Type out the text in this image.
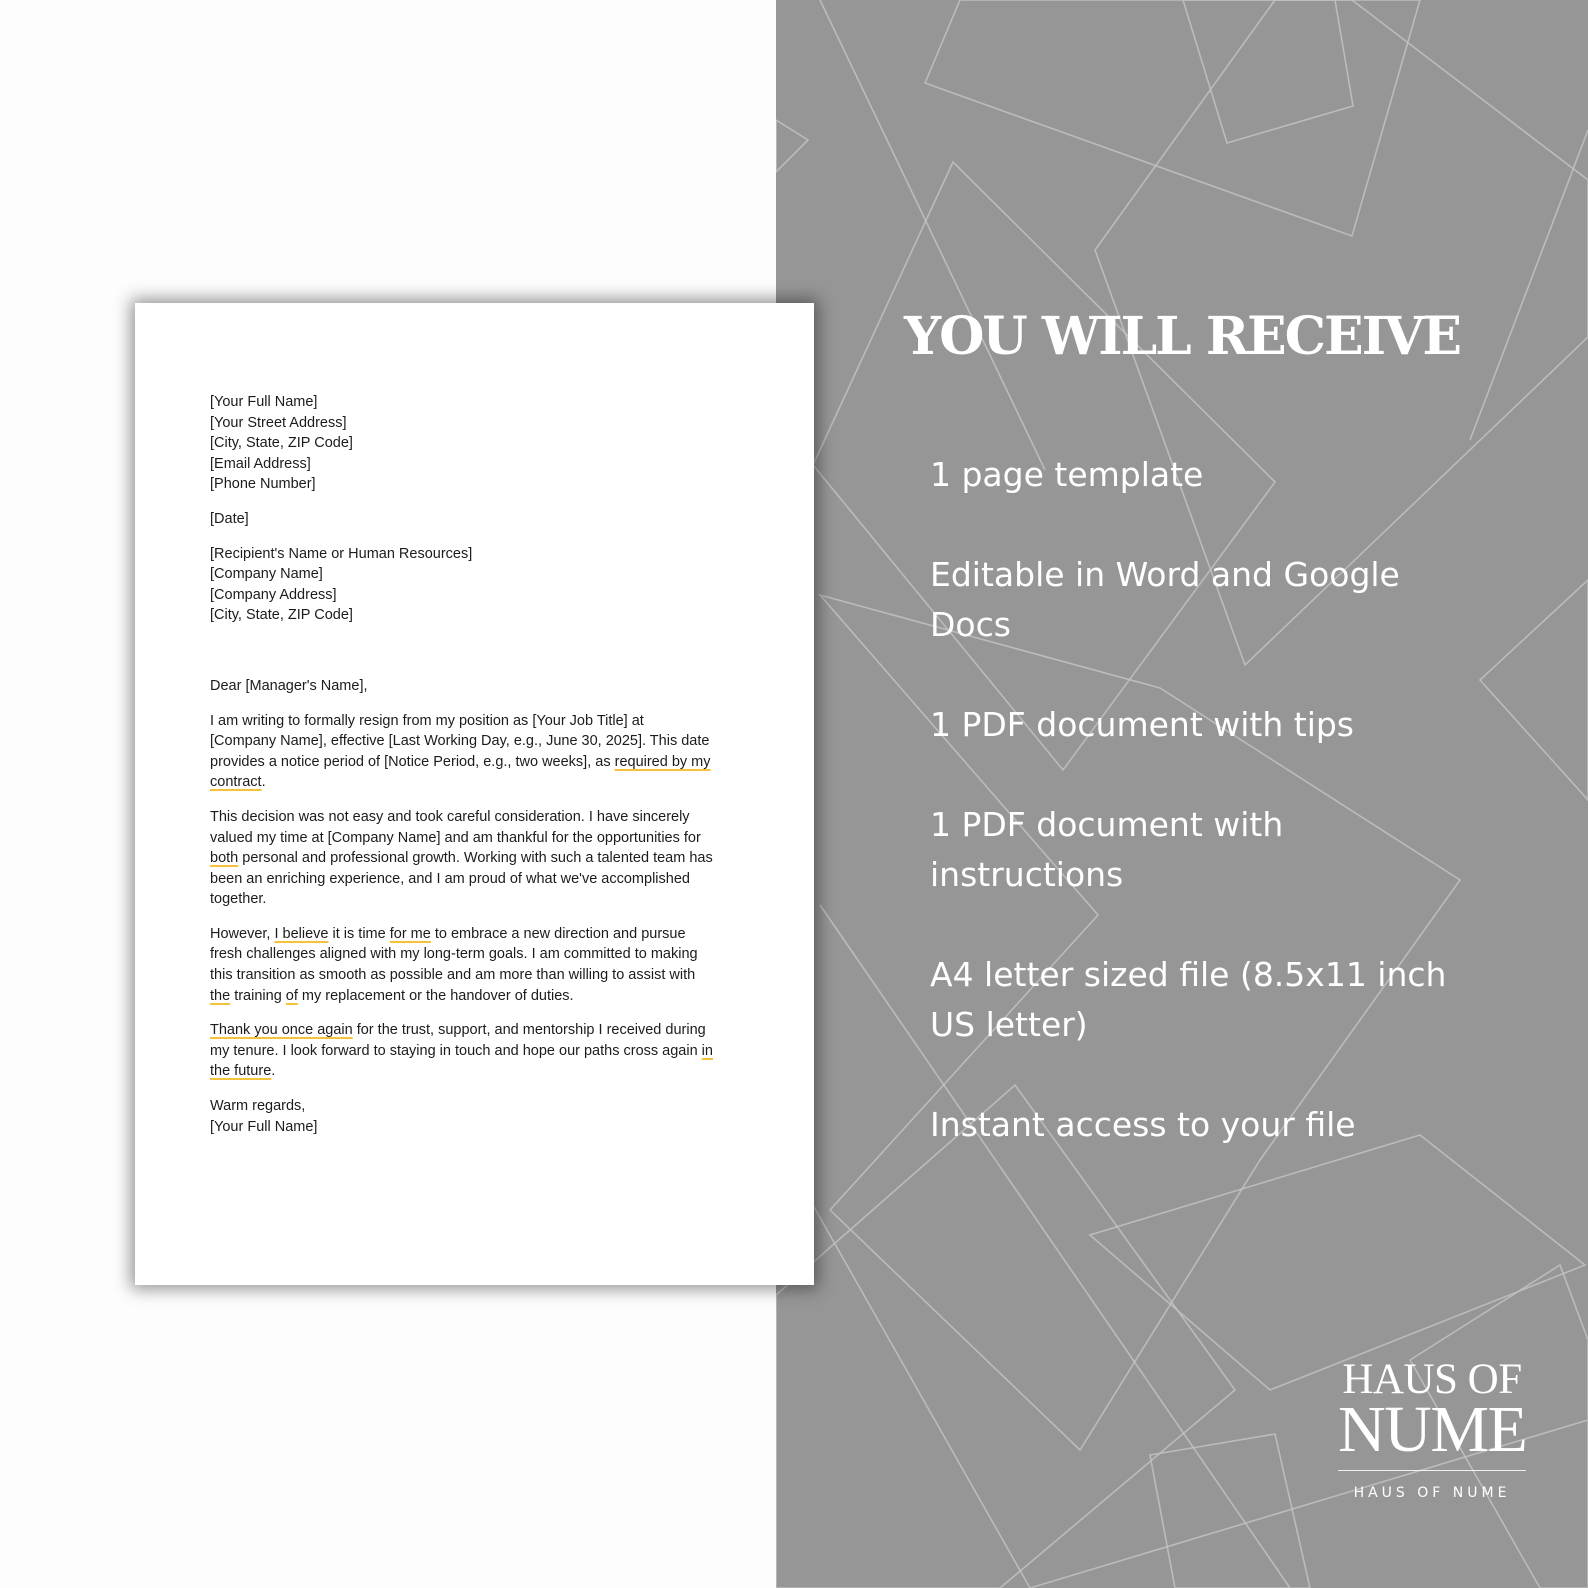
[Your Full Name]
[Your Street Address]
[City, State, ZIP Code]
[Email Address]
[Phone Number]
[Date]
[Recipient's Name or Human Resources]
[Company Name]
[Company Address]
[City, State, ZIP Code]

Dear [Manager's Name],

I am writing to formally resign from my position as [Your Job Title] at
[Company Name], effective [Last Working Day, e.g., June 30, 2025]. This date
provides a notice period of [Notice Period, e.g., two weeks], as required by my
contract.

This decision was not easy and took careful consideration. I have sincerely
valued my time at [Company Name] and am thankful for the opportunities for
both personal and professional growth. Working with such a talented team has
been an enriching experience, and I am proud of what we've accomplished
together.

However, I believe it is time for me to embrace a new direction and pursue
fresh challenges aligned with my long-term goals. I am committed to making
this transition as smooth as possible and am more than willing to assist with
the training of my replacement or the handover of duties.

Thank you once again for the trust, support, and mentorship I received during
my tenure. I look forward to staying in touch and hope our paths cross again in
the future.

Warm regards,
[Your Full Name]
YOU WILL RECEIVE
1 page template
Editable in Word and Google
Docs
1 PDF document with tips
1 PDF document with
instructions
A4 letter sized file (8.5x11 inch
US letter)
Instant access to your file
HAUS OF
NUME
HAUS OF NUME
